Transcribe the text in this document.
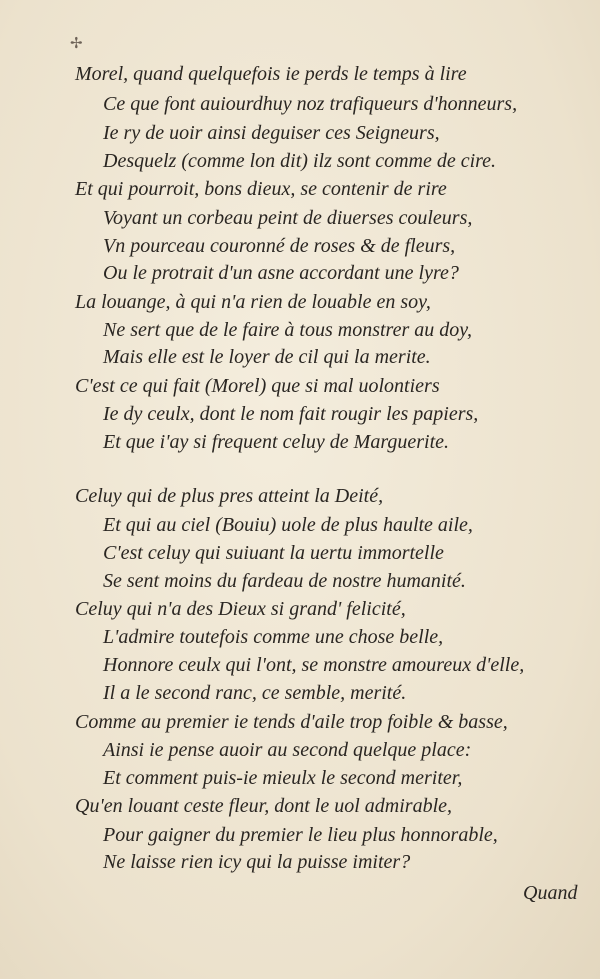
✢
Morel, quand quelquefois ie perds le temps à lire
Ce que font auiourdhuy noz trafiqueurs d'honneurs,
Ie ry de uoir ainsi deguiser ces Seigneurs,
Desquelz (comme lon dit) ilz sont comme de cire.
Et qui pourroit, bons dieux, se contenir de rire
Voyant un corbeau peint de diuerses couleurs,
Vn pourceau couronné de roses & de fleurs,
Ou le protrait d'un asne accordant une lyre?
La louange, à qui n'a rien de louable en soy,
Ne sert que de le faire à tous monstrer au doy,
Mais elle est le loyer de cil qui la merite.
C'est ce qui fait (Morel) que si mal uolontiers
Ie dy ceulx, dont le nom fait rougir les papiers,
Et que i'ay si frequent celuy de Marguerite.
Celuy qui de plus pres atteint la Deité,
Et qui au ciel (Bouiu) uole de plus haulte aile,
C'est celuy qui suiuant la uertu immortelle
Se sent moins du fardeau de nostre humanité.
Celuy qui n'a des Dieux si grand' felicité,
L'admire toutefois comme une chose belle,
Honnore ceulx qui l'ont, se monstre amoureux d'elle,
Il a le second ranc, ce semble, merité.
Comme au premier ie tends d'aile trop foible & basse,
Ainsi ie pense auoir au second quelque place:
Et comment puis-ie mieulx le second meriter,
Qu'en louant ceste fleur, dont le uol admirable,
Pour gaigner du premier le lieu plus honnorable,
Ne laisse rien icy qui la puisse imiter?
Quand
